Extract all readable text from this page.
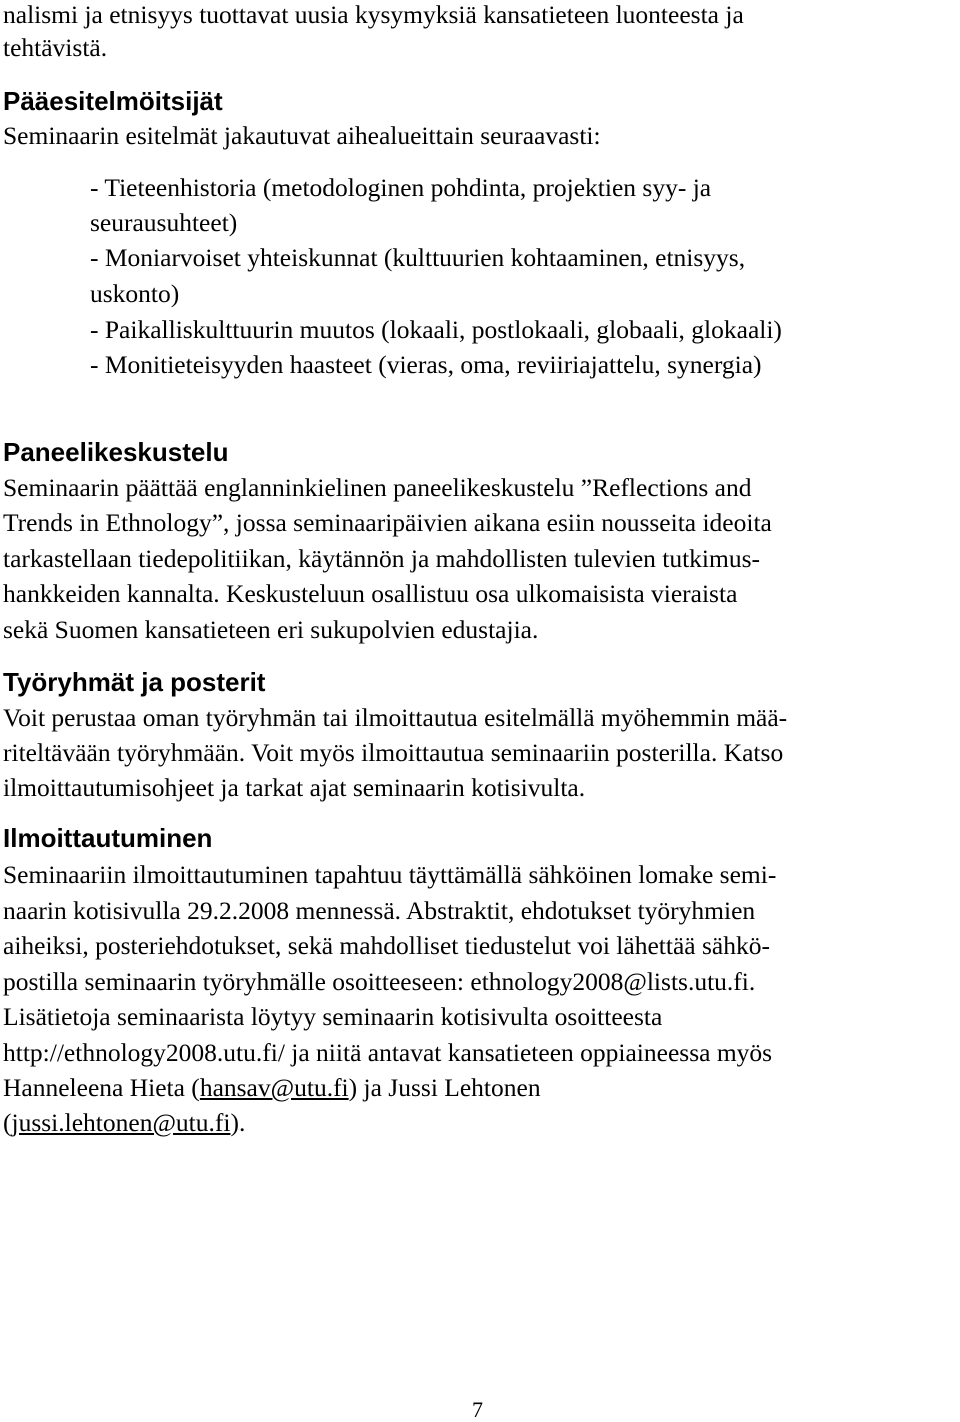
nalismi ja etnisyys tuottavat uusia kysymyksiä kansatieteen luonteesta ja
tehtävistä.
Pääesitelmöitsijät
Seminaarin esitelmät jakautuvat aihealueittain seuraavasti:
- Tieteenhistoria (metodologinen pohdinta, projektien syy- ja
seurausuhteet)
- Moniarvoiset yhteiskunnat (kulttuurien kohtaaminen, etnisyys,
uskonto)
- Paikalliskulttuurin muutos (lokaali, postlokaali, globaali, glokaali)
- Monitieteisyyden haasteet (vieras, oma, reviiriajattelu, synergia)
Paneelikeskustelu
Seminaarin päättää englanninkielinen paneelikeskustelu ”Reflections and
Trends in Ethnology”, jossa seminaaripäivien aikana esiin nousseita ideoita
tarkastellaan tiedepolitiikan, käytännön ja mahdollisten tulevien tutkimus-
hankkeiden kannalta. Keskusteluun osallistuu osa ulkomaisista vieraista
sekä Suomen kansatieteen eri sukupolvien edustajia.
Työryhmät ja posterit
Voit perustaa oman työryhmän tai ilmoittautua esitelmällä myöhemmin mää-
riteltävään työryhmään. Voit myös ilmoittautua seminaariin posterilla. Katso
ilmoittautumisohjeet ja tarkat ajat seminaarin kotisivulta.
Ilmoittautuminen
Seminaariin ilmoittautuminen tapahtuu täyttämällä sähköinen lomake semi-
naarin kotisivulla 29.2.2008 mennessä. Abstraktit, ehdotukset työryhmien
aiheiksi, posteriehdotukset, sekä mahdolliset tiedustelut voi lähettää sähkö-
postilla seminaarin työryhmälle osoitteeseen: ethnology2008@lists.utu.fi.
Lisätietoja seminaarista löytyy seminaarin kotisivulta osoitteesta
http://ethnology2008.utu.fi/ ja niitä antavat kansatieteen oppiaineessa myös
Hanneleena Hieta (hansav@utu.fi) ja Jussi Lehtonen
(jussi.lehtonen@utu.fi).
7
